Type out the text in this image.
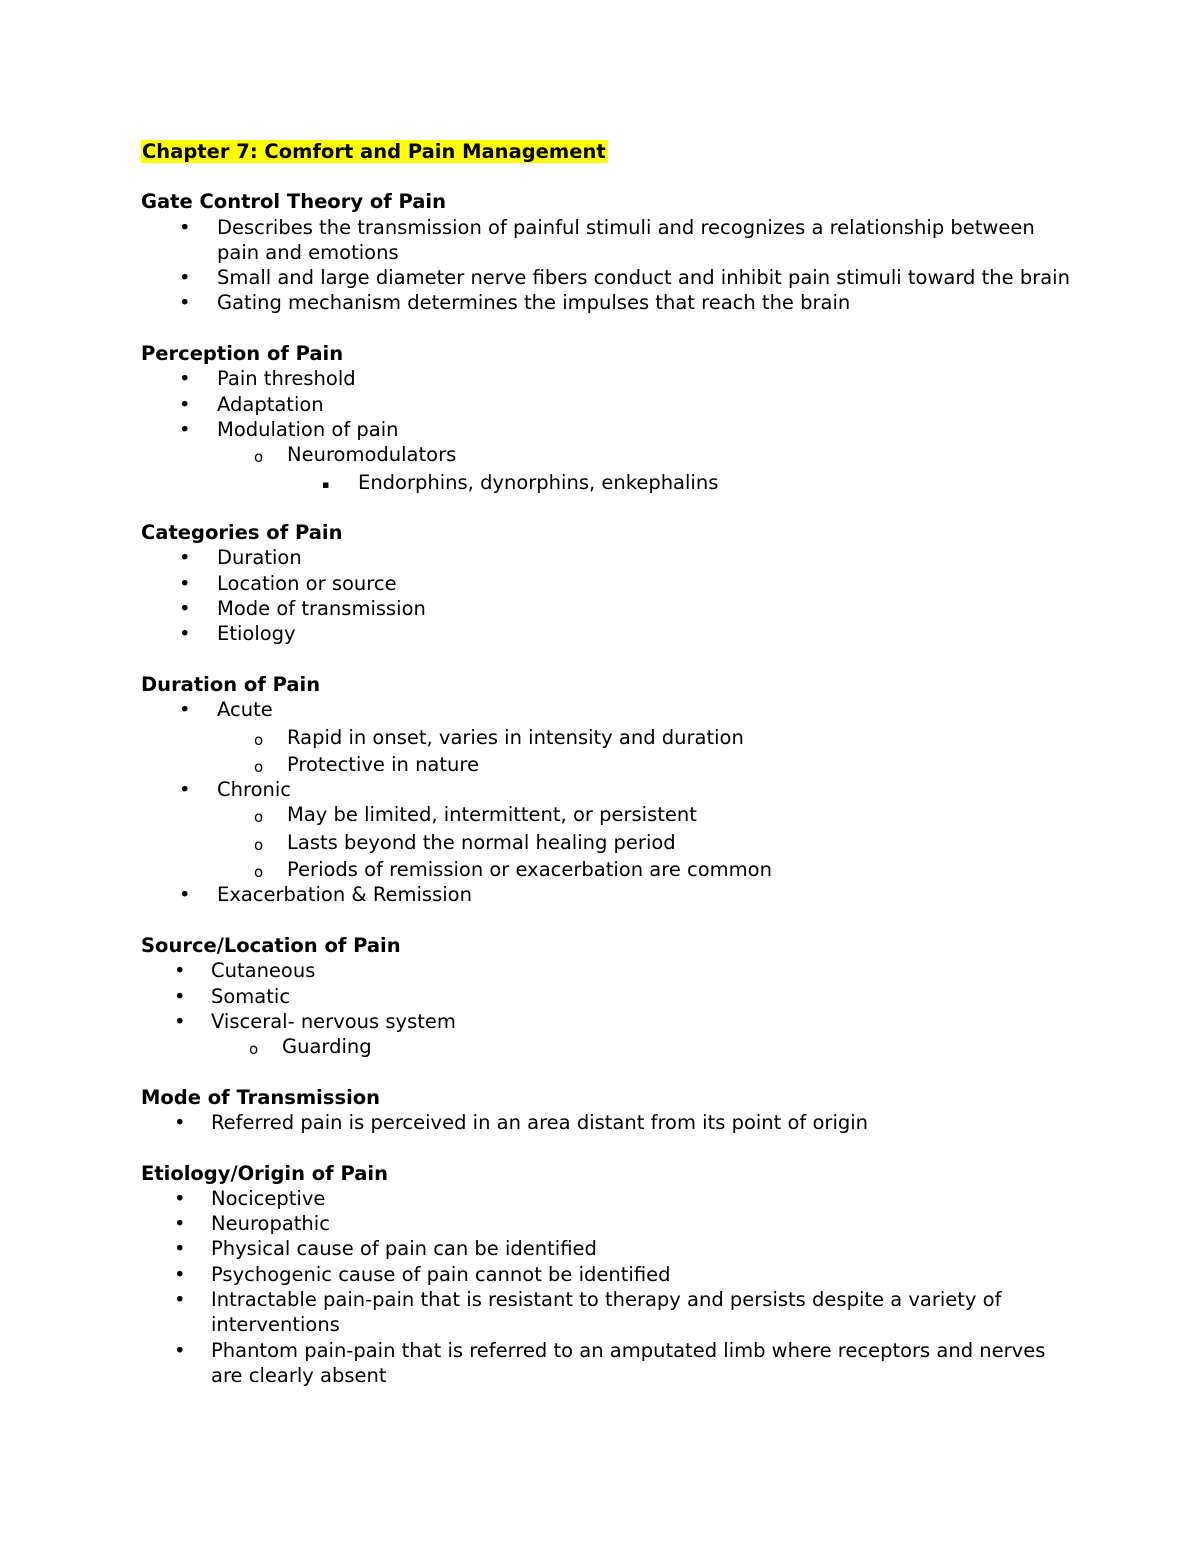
Chapter 7: Comfort and Pain Management

Gate Control Theory of Pain

• Describes the transmission of painful stimuli and recognizes a relationship between pain and emotions
• Small and large diameter nerve fibers conduct and inhibit pain stimuli toward the brain
• Gating mechanism determines the impulses that reach the brain

Perception of Pain

• Pain threshold
• Adaptation
• Modulation of pain
o Neuromodulators
▪ Endorphins, dynorphins, enkephalins

Categories of Pain

• Duration
• Location or source
• Mode of transmission
• Etiology

Duration of Pain

• Acute
o Rapid in onset, varies in intensity and duration
o Protective in nature
• Chronic
o May be limited, intermittent, or persistent
o Lasts beyond the normal healing period
o Periods of remission or exacerbation are common
• Exacerbation & Remission

Source/Location of Pain

• Cutaneous
• Somatic
• Visceral- nervous system
o Guarding

Mode of Transmission

• Referred pain is perceived in an area distant from its point of origin

Etiology/Origin of Pain

• Nociceptive
• Neuropathic
• Physical cause of pain can be identified
• Psychogenic cause of pain cannot be identified
• Intractable pain-pain that is resistant to therapy and persists despite a variety of interventions
• Phantom pain-pain that is referred to an amputated limb where receptors and nerves are clearly absent
